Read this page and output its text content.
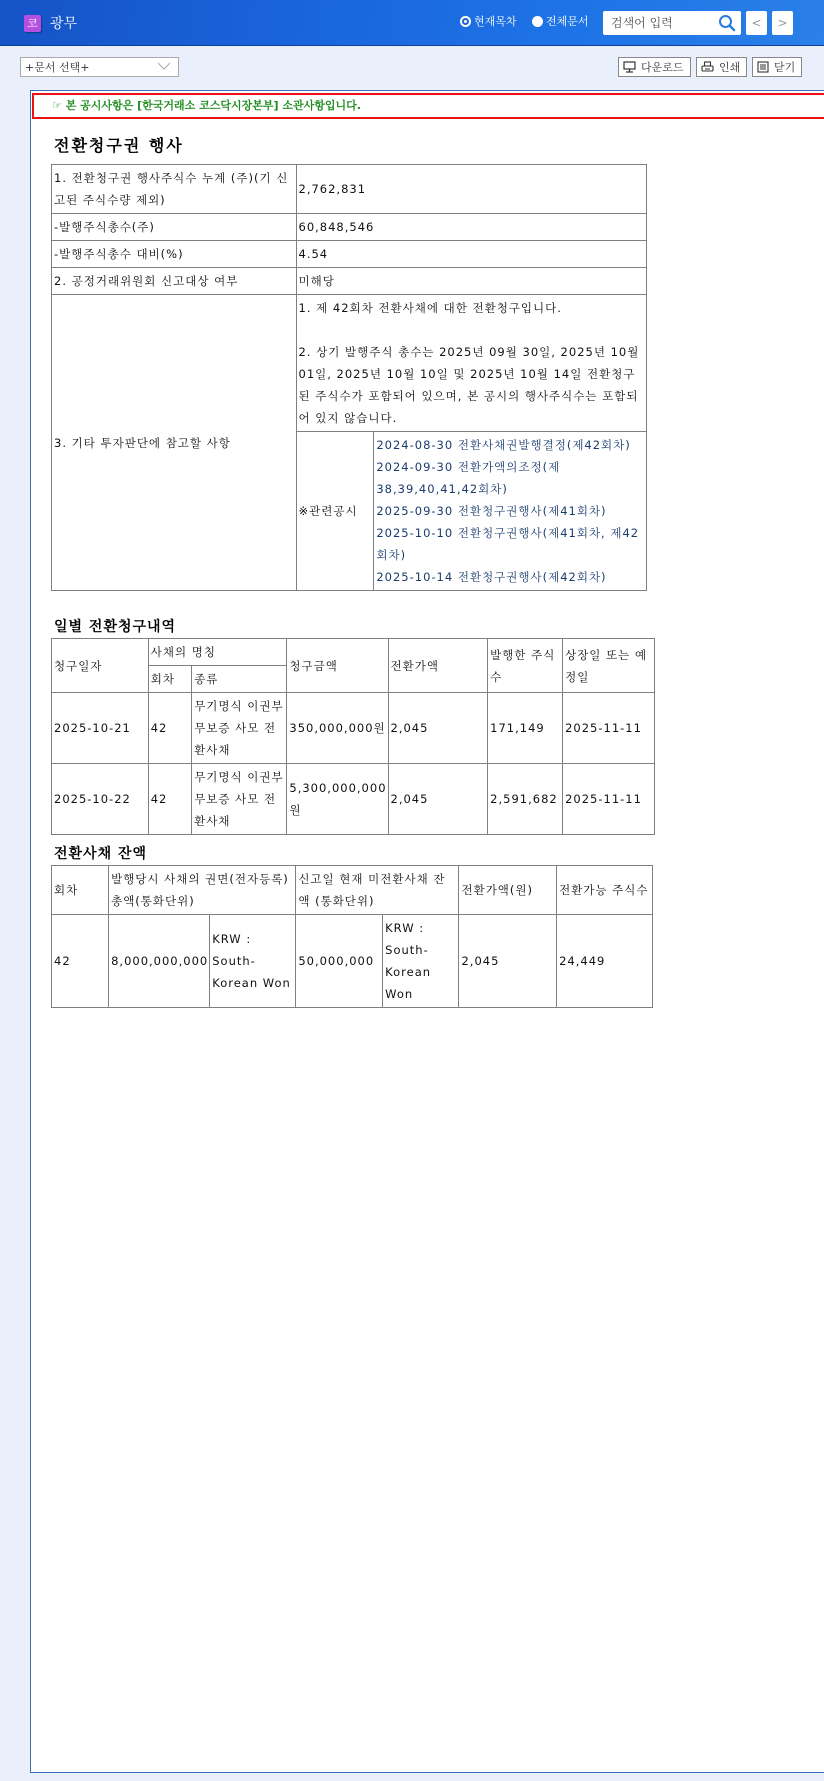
코 광무	현재목차	전체문서
검색어 입력	<	>
+문서 선택+	다운로드	인쇄	닫기
☞ 본 공시사항은 [한국거래소 코스닥시장본부] 소관사항입니다.
전환청구권 행사
1. 전환청구권 행사주식수 누계 (주)(기 신고된 주식수량 제외)	2,762,831	
-발행주식총수(주)	60,848,546	
-발행주식총수 대비(%)	4.54	
2. 공정거래위원회 신고대상 여부	미해당	
3. 기타 투자판단에 참고할 사항	1. 제 42회차 전환사채에 대한 전환청구입니다.
2. 상기 발행주식 총수는 2025년 09월 30일, 2025년 10월 01일, 2025년 10월 10일 및 2025년 10월 14일 전환청구된 주식수가 포함되어 있으며, 본 공시의 행사주식수는 포함되어 있지 않습니다.	

	※관련공시	2024-08-30 전환사채권발행결정(제42회차)
2024-09-30 전환가액의조정(제38,39,40,41,42회차)
2025-09-30 전환청구권행사(제41회차)
2025-10-10 전환청구권행사(제41회차, 제42회차)
2025-10-14 전환청구권행사(제42회차)
일별 전환청구내역
청구일자	사채의 명칭		청구금액	전환가액	발행한 주식수	상장일 또는 예정일
	회차	종류				
2025-10-21	42	무기명식 이권부 무보증 사모 전환사채	350,000,000원	2,045	171,149	2025-11-11
2025-10-22	42	무기명식 이권부 무보증 사모 전환사채	5,300,000,000원	2,045	2,591,682	2025-11-11
전환사채 잔액
회차	발행당시 사채의 권면(전자등록)총액(통화단위)		신고일 현재 미전환사채 잔액 (통화단위)		전환가액(원)	전환가능 주식수
42	8,000,000,000	KRW : South-Korean Won	50,000,000	KRW : South-Korean Won	2,045	24,449
